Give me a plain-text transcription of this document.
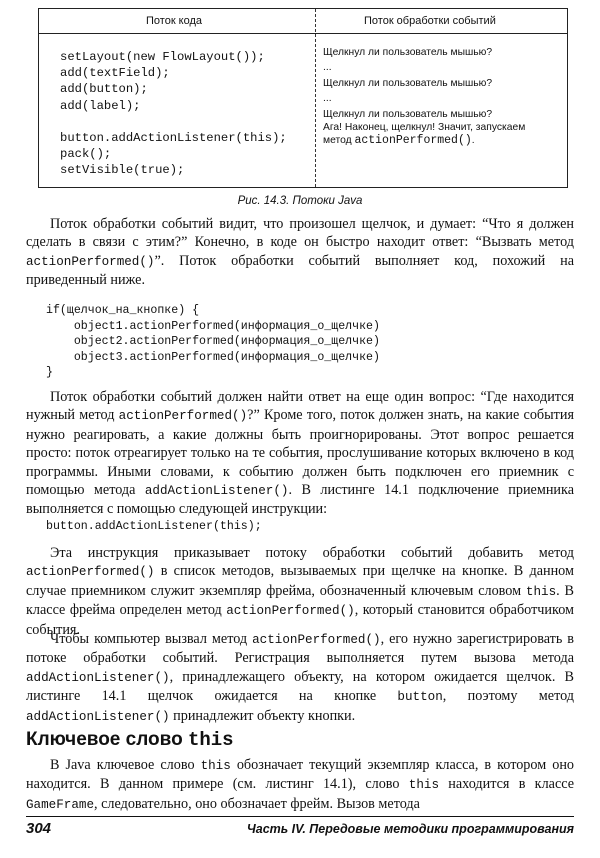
Поток кода	Поток обработки событий
setLayout(new FlowLayout());
add(textField);
add(button);
add(label);
button.addActionListener(this);
pack();
setVisible(true);
Щелкнул ли пользователь мышью?
...
Щелкнул ли пользователь мышью?
...
Щелкнул ли пользователь мышью?
Ага! Наконец, щелкнул! Значит, запускаем
метод actionPerformed().
Рис. 14.3. Потоки Java
Поток обработки событий видит, что произошел щелчок, и думает: “Что я должен сделать в связи с этим?” Конечно, в коде он быстро находит ответ: “Вызвать метод actionPerformed()”. Поток обработки событий выполняет код, похожий на приведенный ниже.
if(щелчок_на_кнопке) {
object1.actionPerformed(информация_о_щелчке)
object2.actionPerformed(информация_о_щелчке)
object3.actionPerformed(информация_о_щелчке)
}
Поток обработки событий должен найти ответ на еще один вопрос: “Где находится нужный метод actionPerformed()?” Кроме того, поток должен знать, на какие события нужно реагировать, а какие должны быть проигнорированы. Этот вопрос решается просто: поток отреагирует только на те события, прослушивание которых включено в код программы. Иными словами, к событию должен быть подключен его приемник с помощью метода addActionListener(). В листинге 14.1 подключение приемника выполняется с помощью следующей инструкции:
button.addActionListener(this);
Эта инструкция приказывает потоку обработки событий добавить метод actionPerformed() в список методов, вызываемых при щелчке на кнопке. В данном случае приемником служит экземпляр фрейма, обозначенный ключевым словом this. В классе фрейма определен метод actionPerformed(), который становится обработчиком события.
Чтобы компьютер вызвал метод actionPerformed(), его нужно зарегистрировать в потоке обработки событий. Регистрация выполняется путем вызова метода addActionListener(), принадлежащего объекту, на котором ожидается щелчок. В листинге 14.1 щелчок ожидается на кнопке button, поэтому метод addActionListener() принадлежит объекту кнопки.
Ключевое слово this
В Java ключевое слово this обозначает текущий экземпляр класса, в котором оно находится. В данном примере (см. листинг 14.1), слово this находится в классе GameFrame, следовательно, оно обозначает фрейм. Вызов метода
304	Часть IV. Передовые методики программирования
